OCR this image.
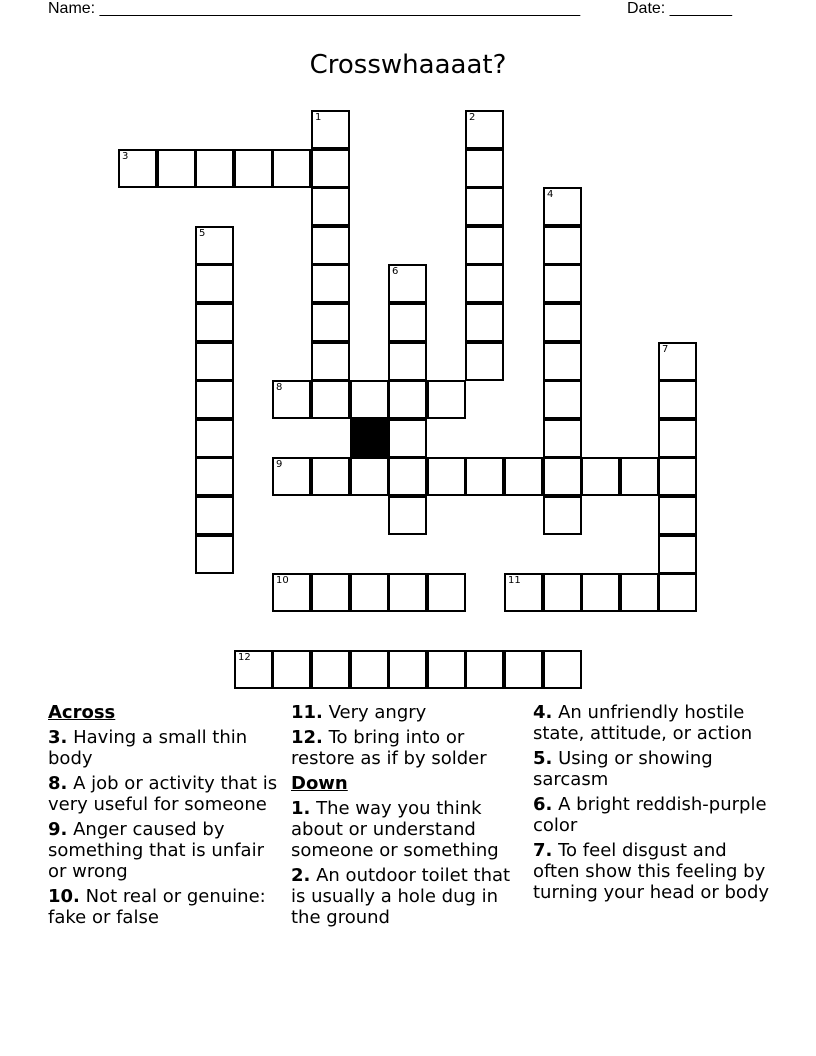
Name: ______________________________________________________	Date: _______
Crosswhaaaat?
1	2
3
4
5
6
7
8
9
10	11
12

Across

3. Having a small thin body

8. A job or activity that is very useful for someone

9. Anger caused by something that is unfair or wrong

10. Not real or genuine: fake or false

11. Very angry

12. To bring into or restore as if by solder

Down

1. The way you think about or understand someone or something

2. An outdoor toilet that is usually a hole dug in the ground

4. An unfriendly hostile state, attitude, or action

5. Using or showing sarcasm

6. A bright reddish-purple color

7. To feel disgust and often show this feeling by turning your head or body
